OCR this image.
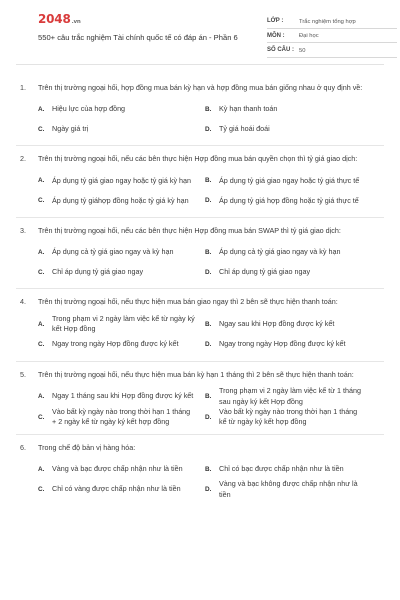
2048.vn
550+ câu trắc nghiệm Tài chính quốc tế có đáp án - Phần 6
LỚP :	Trắc nghiệm tổng hợp
MÔN :	Đại học
SỐ CÂU : 50
1.	Trên thị trường ngoại hối, hợp đồng mua bán kỳ hạn và hợp đồng mua bán giống nhau ở quy định về:
A.	Hiệu lực của hợp đồng	B.	Kỳ hạn thanh toán
C.	Ngày giá trị	D.	Tỷ giá hoái đoái
2.	Trên thị trường ngoại hối, nếu các bên thực hiện Hợp đồng mua bán quyền chọn thì tỷ giá giao dịch:
A.	Áp dụng tỷ giá giao ngay hoặc tỷ giá kỳ hạn	B.	Áp dụng tỷ giá giao ngay hoặc tỷ giá thực tế
C.	Áp dụng tỷ giáhợp đồng hoặc tỷ giá kỳ hạn	D.	Áp dụng tỷ giá hợp đồng hoặc tỷ giá thực tế
3.	Trên thị trường ngoại hối, nếu các bên thực hiện Hợp đồng mua bán SWAP thì tỷ giá giao dịch:
A.	Áp dụng cả tỷ giá giao ngay và kỳ hạn	B.	Áp dụng cả tỷ giá giao ngay và kỳ hạn
C.	Chỉ áp dụng tỷ giá giao ngay	D.	Chỉ áp dụng tỷ giá giao ngay
4.	Trên thị trường ngoại hối, nếu thực hiện mua bán giao ngay thì 2 bên sẽ thực hiện thanh toán:
A.
Trong phạm vi 2 ngày làm việc kể từ ngày ký kết Hợp đồng
B.	Ngay sau khi Hợp đồng được ký kết
C.	Ngay trong ngày Hợp đồng được ký kết	D.	Ngay trong ngày Hợp đồng được ký kết
5.	Trên thị trường ngoại hối, nếu thực hiện mua bán kỳ hạn 1 tháng thì 2 bên sẽ thực hiện thanh toán:
A.	Ngay 1 tháng sau khi Hợp đồng được ký kết	B.
Trong phạm vi 2 ngày làm việc kể từ 1 tháng sau ngày ký kết Hợp đồng
C.
Vào bất kỳ ngày nào trong thời hạn 1 tháng + 2 ngày kể từ ngày ký kết hợp đồng
D.
Vào bất kỳ ngày nào trong thời hạn 1 tháng kể từ ngày ký kết hợp đồng
6.	Trong chế độ bản vị hàng hóa:
A.	Vàng và bạc được chấp nhận như là tiền	B.	Chỉ có bạc được chấp nhận như là tiền
C.	Chỉ có vàng được chấp nhận như là tiền	D.
Vàng và bạc không được chấp nhận như là tiền
